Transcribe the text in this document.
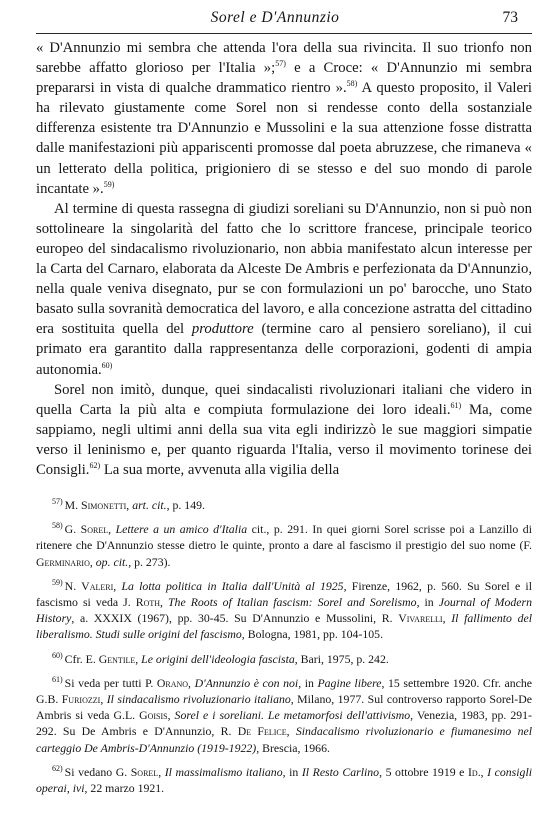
Sorel e D'Annunzio	73

« D'Annunzio mi sembra che attenda l'ora della sua rivincita. Il suo trionfo non sarebbe affatto glorioso per l'Italia »;$^{57)}$ e a Croce: « D'Annunzio mi sembra prepararsi in vista di qualche drammatico rientro ».$^{58)}$ A questo proposito, il Valeri ha rilevato giustamente come Sorel non si rendesse conto della sostanziale differenza esistente tra D'Annunzio e Mussolini e la sua attenzione fosse distratta dalle manifestazioni più appariscenti promosse dal poeta abruzzese, che rimaneva « un letterato della politica, prigioniero di se stesso e del suo mondo di parole incantate ».$^{59)}$

Al termine di questa rassegna di giudizi soreliani su D'Annunzio, non si può non sottolineare la singolarità del fatto che lo scrittore francese, principale teorico europeo del sindacalismo rivoluzionario, non abbia manifestato alcun interesse per la Carta del Carnaro, elaborata da Alceste De Ambris e perfezionata da D'Annunzio, nella quale veniva disegnato, pur se con formulazioni un po' barocche, uno Stato basato sulla sovranità democratica del lavoro, e alla concezione astratta del cittadino era sostituita quella del produttore (termine caro al pensiero soreliano), il cui primato era garantito dalla rappresentanza delle corporazioni, godenti di ampia autonomia.$^{60)}$

Sorel non imitò, dunque, quei sindacalisti rivoluzionari italiani che videro in quella Carta la più alta e compiuta formulazione dei loro ideali.$^{61)}$ Ma, come sappiamo, negli ultimi anni della sua vita egli indirizzò le sue maggiori simpatie verso il leninismo e, per quanto riguarda l'Italia, verso il movimento torinese dei Consigli.$^{62)}$ La sua morte, avvenuta alla vigilia della

$^{57)}$ M. Simonetti, art. cit., p. 149.

$^{58)}$ G. Sorel, Lettere a un amico d'Italia cit., p. 291. In quei giorni Sorel scrisse poi a Lanzillo di ritenere che D'Annunzio stesse dietro le quinte, pronto a dare al fascismo il prestigio del suo nome (F. Germinario, op. cit., p. 273).

$^{59)}$ N. Valeri, La lotta politica in Italia dall'Unità al 1925, Firenze, 1962, p. 560. Su Sorel e il fascismo si veda J. Roth, The Roots of Italian fascism: Sorel and Sorelismo, in Journal of Modern History, a. XXXIX (1967), pp. 30-45. Su D'Annunzio e Mussolini, R. Vivarelli, Il fallimento del liberalismo. Studi sulle origini del fascismo, Bologna, 1981, pp. 104-105.

$^{60)}$ Cfr. E. Gentile, Le origini dell'ideologia fascista, Bari, 1975, p. 242.

$^{61)}$ Si veda per tutti P. Orano, D'Annunzio è con noi, in Pagine libere, 15 settembre 1920. Cfr. anche G.B. Furiozzi, Il sindacalismo rivoluzionario italiano, Milano, 1977. Sul controverso rapporto Sorel-De Ambris si veda G.L. Goisis, Sorel e i soreliani. Le metamorfosi dell'attivismo, Venezia, 1983, pp. 291-292. Su De Ambris e D'Annunzio, R. De Felice, Sindacalismo rivoluzionario e fiumanesimo nel carteggio De Ambris-D'Annunzio (1919-1922), Brescia, 1966.

$^{62)}$ Si vedano G. Sorel, Il massimalismo italiano, in Il Resto Carlino, 5 ottobre 1919 e Id., I consigli operai, ivi, 22 marzo 1921.
